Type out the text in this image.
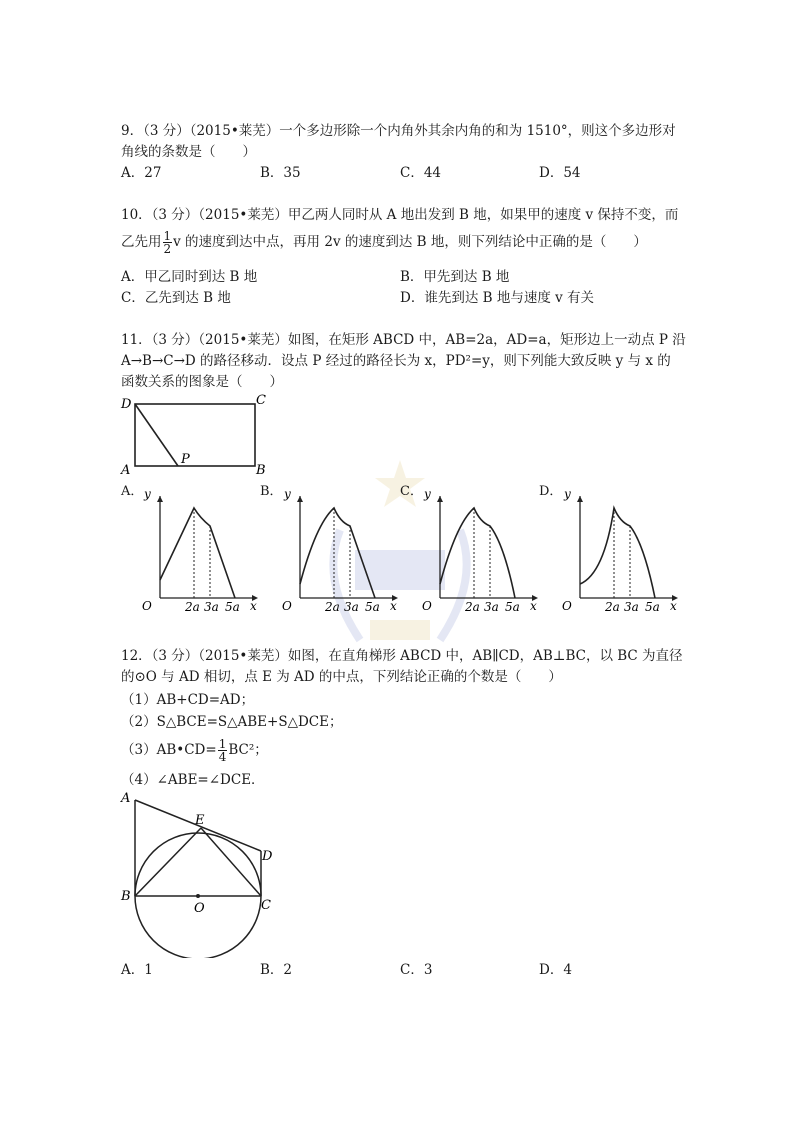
9．（3 分）（2015•莱芜）一个多边形除一个内角外其余内角的和为 1510°，则这个多边形对
角线的条数是（　　）
A．27	B．35	C．44	D．54
10．（3 分）（2015•莱芜）甲乙两人同时从 A 地出发到 B 地，如果甲的速度 v 保持不变，而
乙先用 $\frac{1}{2}$ v 的速度到达中点，再用 2v 的速度到达 B 地，则下列结论中正确的是（　　）
A．甲乙同时到达 B 地	B．甲先到达 B 地
C．乙先到达 B 地	D．谁先到达 B 地与速度 v 有关
11．（3 分）（2015•莱芜）如图，在矩形 ABCD 中，AB=2a，AD=a，矩形边上一动点 P 沿
A→B→C→D 的路径移动．设点 P 经过的路径长为 x，PD²=y，则下列能大致反映 y 与 x 的
函数关系的图象是（　　）
D	C
A	B
P
A．	B．	C．	D．
y
x
O	2a 3a 5a
y
x
O	2a 3a 5a
y
x
O	2a 3a 5a
y
x
O	2a 3a 5a
12．（3 分）（2015•莱芜）如图，在直角梯形 ABCD 中，AB∥CD，AB⊥BC，以 BC 为直径
的⊙O 与 AD 相切，点 E 为 AD 的中点，下列结论正确的个数是（　　）
（1）AB+CD=AD；
（2）S△BCE=S△ABE+S△DCE；
（3）AB•CD= $\frac{1}{4} BC^2$；
（4）∠ABE=∠DCE．
A
E
D
B
C
O
A．1	B．2	C．3	D．4
